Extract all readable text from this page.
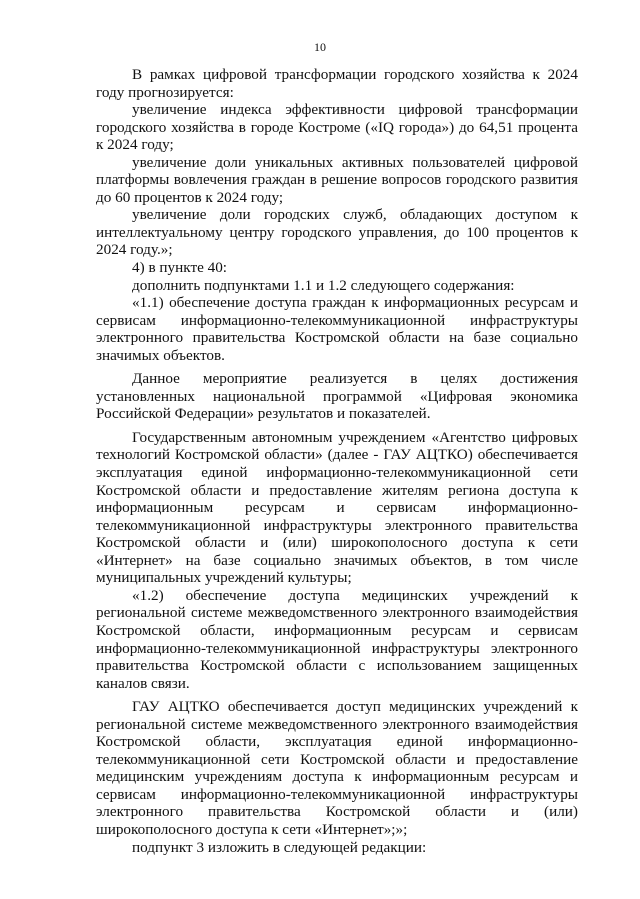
10

В рамках цифровой трансформации городского хозяйства к 2024 году прогнозируется:

увеличение индекса эффективности цифровой трансформации городского хозяйства в городе Костроме («IQ города») до 64,51 процента к 2024 году;

увеличение доли уникальных активных пользователей цифровой платформы вовлечения граждан в решение вопросов городского развития до 60 процентов к 2024 году;

увеличение доли городских служб, обладающих доступом к интеллектуальному центру городского управления, до 100 процентов к 2024 году.»;

4) в пункте 40:

дополнить подпунктами 1.1 и 1.2 следующего содержания:

«1.1) обеспечение доступа граждан к информационных ресурсам и сервисам информационно-телекоммуникационной инфраструктуры электронного правительства Костромской области на базе социально значимых объектов.

Данное мероприятие реализуется в целях достижения установленных национальной программой «Цифровая экономика Российской Федерации» результатов и показателей.

Государственным автономным учреждением «Агентство цифровых технологий Костромской области» (далее - ГАУ АЦТКО) обеспечивается эксплуатация единой информационно-телекоммуникационной сети Костромской области и предоставление жителям региона доступа к информационным ресурсам и сервисам информационно-телекоммуникационной инфраструктуры электронного правительства Костромской области и (или) широкополосного доступа к сети «Интернет» на базе социально значимых объектов, в том числе муниципальных учреждений культуры;

«1.2) обеспечение доступа медицинских учреждений к региональной системе межведомственного электронного взаимодействия Костромской области, информационным ресурсам и сервисам информационно-телекоммуникационной инфраструктуры электронного правительства Костромской области с использованием защищенных каналов связи.

ГАУ АЦТКО обеспечивается доступ медицинских учреждений к региональной системе межведомственного электронного взаимодействия Костромской области, эксплуатация единой информационно-телекоммуникационной сети Костромской области и предоставление медицинским учреждениям доступа к информационным ресурсам и сервисам информационно-телекоммуникационной инфраструктуры электронного правительства Костромской области и (или) широкополосного доступа к сети «Интернет»;»;

подпункт 3 изложить в следующей редакции:
